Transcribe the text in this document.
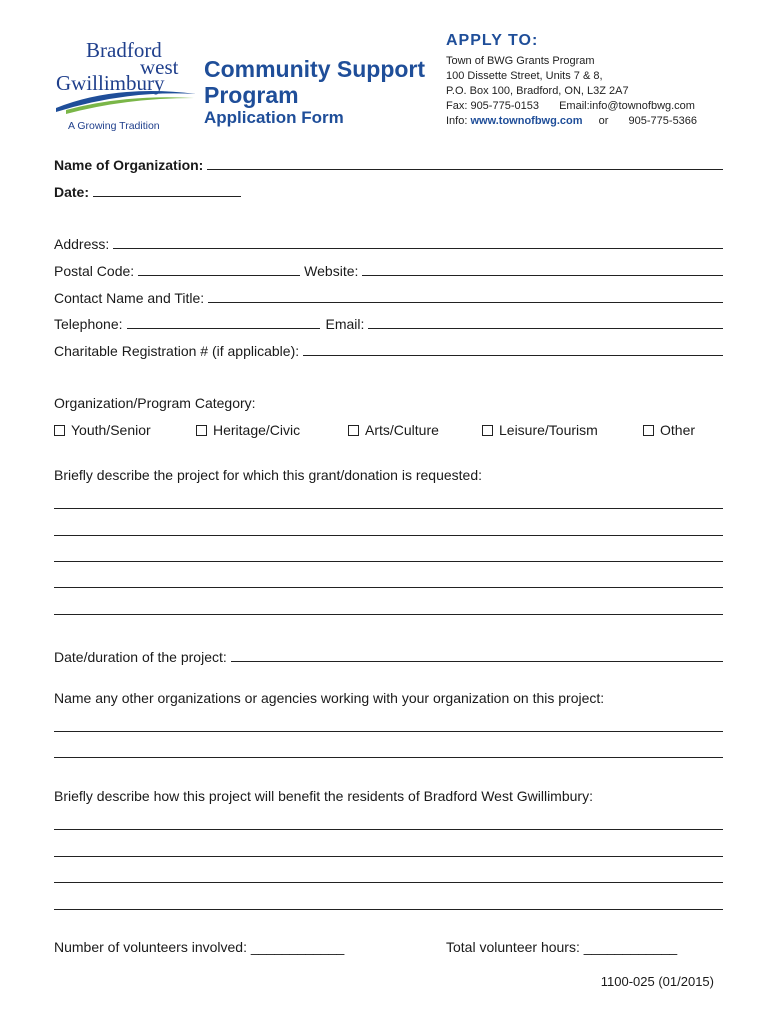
Bradford
west
Gwillimbury
A Growing Tradition
Community Support Program
Application Form
APPLY TO:
Town of BWG Grants Program
100 Dissette Street, Units 7 & 8,
P.O. Box 100, Bradford, ON, L3Z 2A7
Fax: 905-775-0153 Email:info@townofbwg.com
Info: www.townofbwg.com or 905-775-5366
Name of Organization:
Date:
Address:
Postal Code:	Website:
Contact Name and Title:
Telephone:	Email:
Charitable Registration # (if applicable):
Organization/Program Category:
Youth/Senior	Heritage/Civic	Arts/Culture	Leisure/Tourism	Other
Briefly describe the project for which this grant/donation is requested:
Date/duration of the project:
Name any other organizations or agencies working with your organization on this project:
Briefly describe how this project will benefit the residents of Bradford West Gwillimbury:
Number of volunteers involved: ____________	Total volunteer hours: ____________
1100-025 (01/2015)
